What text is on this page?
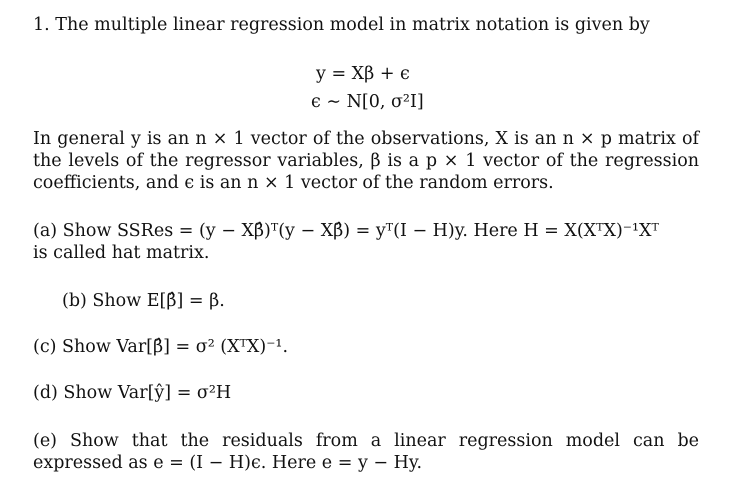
1. The multiple linear regression model in matrix notation is given by
y = Xβ + ϵ
ϵ ∼ N[0, σ²I]
In general y is an n × 1 vector of the observations, X is an n × p matrix of the levels of the regressor variables, β is a p × 1 vector of the regression coefficients, and ϵ is an n × 1 vector of the random errors.
(a) Show SSRes = (y − Xβ̂)ᵀ(y − Xβ̂) = yᵀ(I − H)y. Here H = X(XᵀX)⁻¹Xᵀ
is called hat matrix.
(b) Show E[β̂] = β.
(c) Show Var[β̂] = σ² (XᵀX)⁻¹.
(d) Show Var[ŷ] = σ²H
(e) Show that the residuals from a linear regression model can be expressed as e = (I − H)ϵ. Here e = y − Hy.
